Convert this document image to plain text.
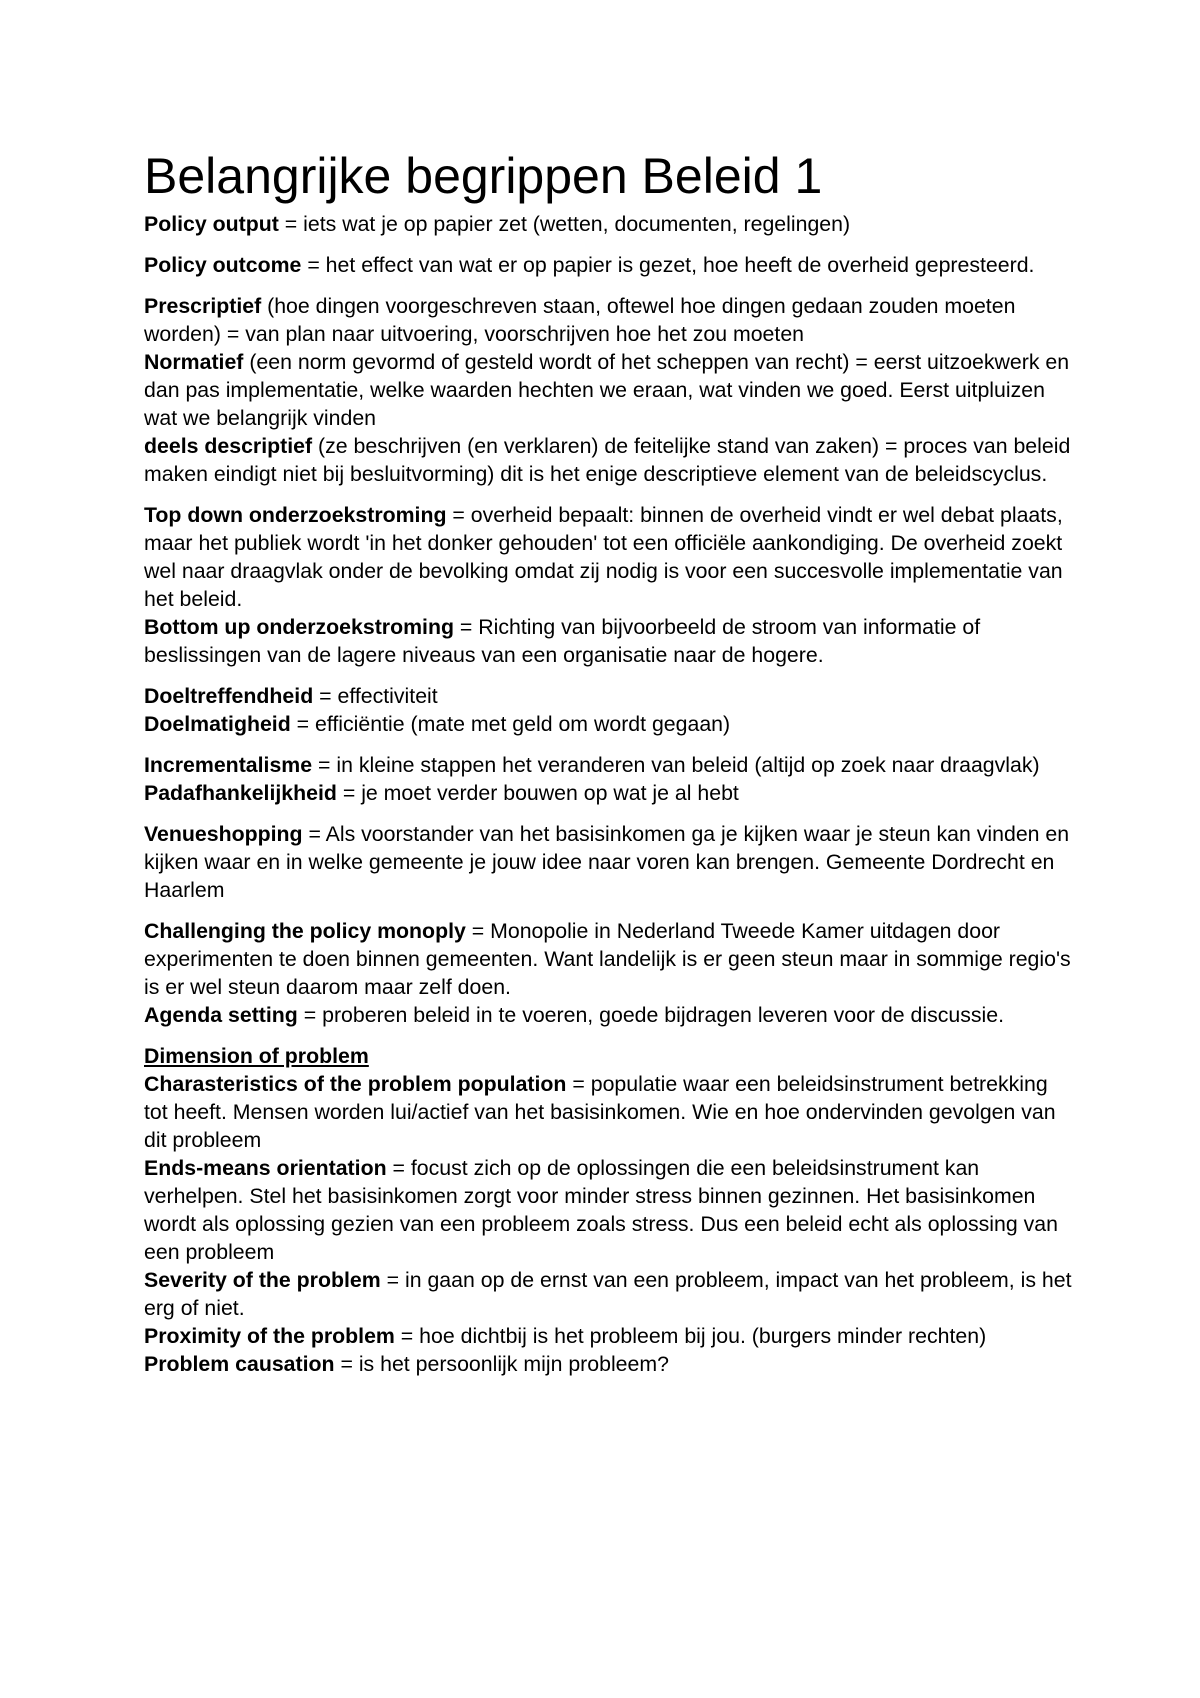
Belangrijke begrippen Beleid 1

Policy output = iets wat je op papier zet (wetten, documenten, regelingen)

Policy outcome = het effect van wat er op papier is gezet, hoe heeft de overheid gepresteerd.

Prescriptief (hoe dingen voorgeschreven staan, oftewel hoe dingen gedaan zouden moeten worden) = van plan naar uitvoering, voorschrijven hoe het zou moeten

Normatief (een norm gevormd of gesteld wordt of het scheppen van recht) = eerst uitzoekwerk en dan pas implementatie, welke waarden hechten we eraan, wat vinden we goed. Eerst uitpluizen wat we belangrijk vinden

deels descriptief (ze beschrijven (en verklaren) de feitelijke stand van zaken) = proces van beleid maken eindigt niet bij besluitvorming) dit is het enige descriptieve element van de beleidscyclus.

Top down onderzoekstroming = overheid bepaalt: binnen de overheid vindt er wel debat plaats, maar het publiek wordt 'in het donker gehouden' tot een officiële aankondiging. De overheid zoekt wel naar draagvlak onder de bevolking omdat zij nodig is voor een succesvolle implementatie van het beleid.

Bottom up onderzoekstroming = Richting van bijvoorbeeld de stroom van informatie of beslissingen van de lagere niveaus van een organisatie naar de hogere.

Doeltreffendheid = effectiviteit

Doelmatigheid = efficiëntie (mate met geld om wordt gegaan)

Incrementalisme = in kleine stappen het veranderen van beleid (altijd op zoek naar draagvlak)

Padafhankelijkheid = je moet verder bouwen op wat je al hebt

Venueshopping = Als voorstander van het basisinkomen ga je kijken waar je steun kan vinden en kijken waar en in welke gemeente je jouw idee naar voren kan brengen. Gemeente Dordrecht en Haarlem

Challenging the policy monoply = Monopolie in Nederland Tweede Kamer uitdagen door experimenten te doen binnen gemeenten. Want landelijk is er geen steun maar in sommige regio's is er wel steun daarom maar zelf doen.

Agenda setting = proberen beleid in te voeren, goede bijdragen leveren voor de discussie.

Dimension of problem

Charasteristics of the problem population = populatie waar een beleidsinstrument betrekking tot heeft. Mensen worden lui/actief van het basisinkomen. Wie en hoe ondervinden gevolgen van dit probleem

Ends-means orientation = focust zich op de oplossingen die een beleidsinstrument kan verhelpen. Stel het basisinkomen zorgt voor minder stress binnen gezinnen. Het basisinkomen wordt als oplossing gezien van een probleem zoals stress. Dus een beleid echt als oplossing van een probleem

Severity of the problem = in gaan op de ernst van een probleem, impact van het probleem, is het erg of niet.

Proximity of the problem = hoe dichtbij is het probleem bij jou. (burgers minder rechten)

Problem causation = is het persoonlijk mijn probleem?
